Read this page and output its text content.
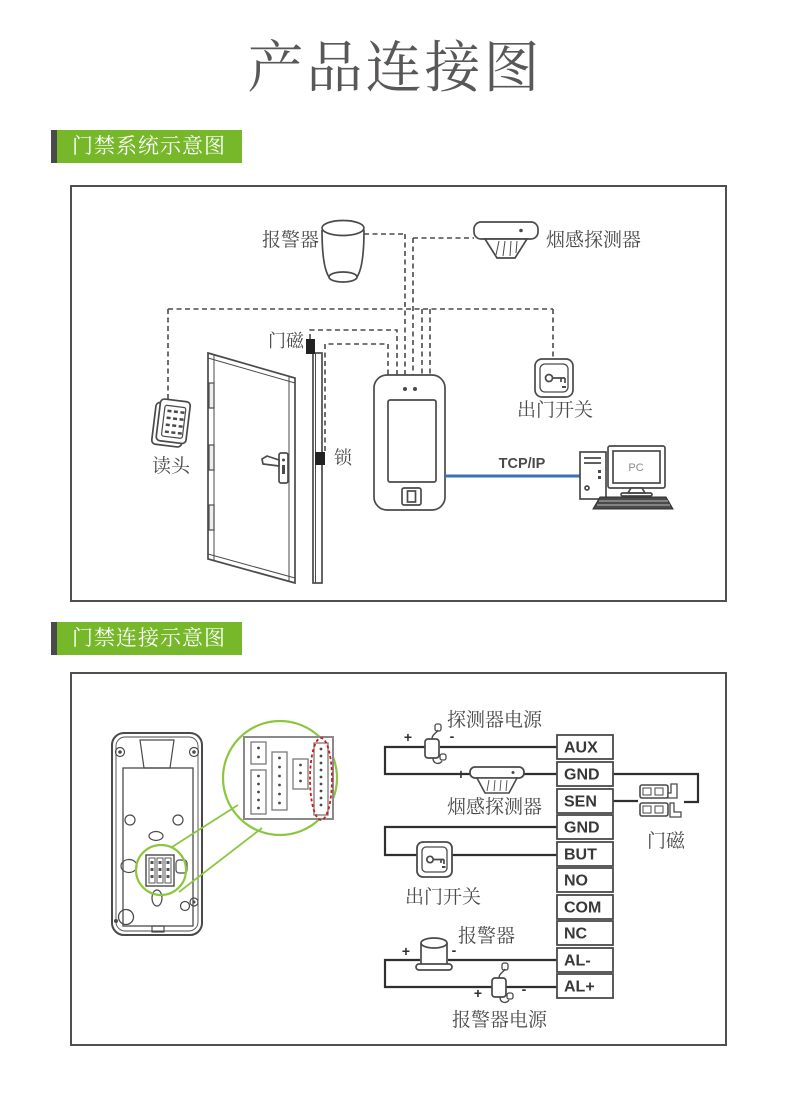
产品连接图
门禁系统示意图
报警器	烟感探测器
门磁
锁
读头
出门开关
TCP/IP	PC
门禁连接示意图
+	-
探测器电源
+	-
烟感探测器
出门开关
+	-
报警器
+	-
报警器电源
门磁
AUX
GND
SEN
GND
BUT
NO
COM
NC
AL-
AL+
